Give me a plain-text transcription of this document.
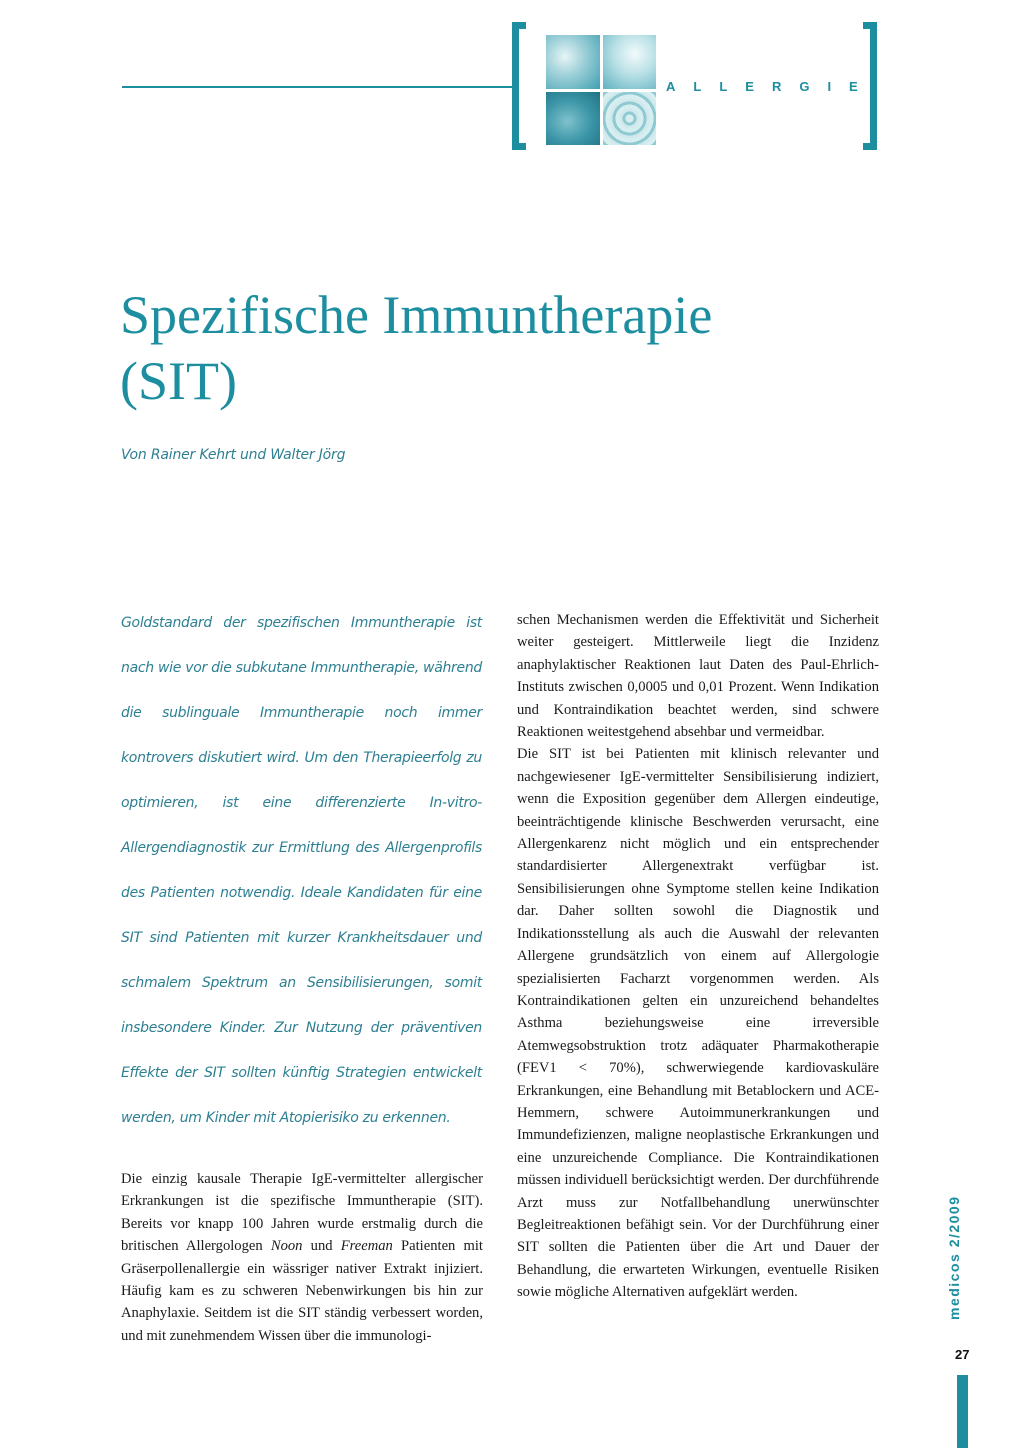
ALLERGIE
Spezifische Immuntherapie
(SIT)
Von Rainer Kehrt und Walter Jörg

Goldstandard der spezifischen Immuntherapie ist nach wie vor die subkutane Immuntherapie, während die sublinguale Immuntherapie noch immer kontrovers diskutiert wird. Um den Therapieerfolg zu optimieren, ist eine differenzierte In-vitro-Allergendiagnostik zur Ermittlung des Allergenprofils des Patienten notwendig. Ideale Kandidaten für eine SIT sind Patienten mit kurzer Krankheitsdauer und schmalem Spektrum an Sensibilisierungen, somit insbesondere Kinder. Zur Nutzung der präventiven Effekte der SIT sollten künftig Strategien entwickelt werden, um Kinder mit Atopierisiko zu erkennen.

Die einzig kausale Therapie IgE-vermittelter allergischer Erkrankungen ist die spezifische Immuntherapie (SIT). Bereits vor knapp 100 Jahren wurde erstmalig durch die britischen Allergologen Noon und Freeman Patienten mit Gräserpollenallergie ein wässriger nativer Extrakt injiziert. Häufig kam es zu schweren Nebenwirkungen bis hin zur Anaphylaxie. Seitdem ist die SIT ständig verbessert worden, und mit zunehmendem Wissen über die immunologi-

schen Mechanismen werden die Effektivität und Sicherheit weiter gesteigert. Mittlerweile liegt die Inzidenz anaphylaktischer Reaktionen laut Daten des Paul-Ehrlich-Instituts zwischen 0,0005 und 0,01 Prozent. Wenn Indikation und Kontraindikation beachtet werden, sind schwere Reaktionen weitestgehend absehbar und vermeidbar.

Die SIT ist bei Patienten mit klinisch relevanter und nachgewiesener IgE-vermittelter Sensibilisierung indiziert, wenn die Exposition gegenüber dem Allergen eindeutige, beeinträchtigende klinische Beschwerden verursacht, eine Allergenkarenz nicht möglich und ein entsprechender standardisierter Allergenextrakt verfügbar ist. Sensibilisierungen ohne Symptome stellen keine Indikation dar. Daher sollten sowohl die Diagnostik und Indikationsstellung als auch die Auswahl der relevanten Allergene grundsätzlich von einem auf Allergologie spezialisierten Facharzt vorgenommen werden. Als Kontraindikationen gelten ein unzureichend behandeltes Asthma beziehungsweise eine irreversible Atemwegsobstruktion trotz adäquater Pharmakotherapie (FEV1 < 70%), schwerwiegende kardiovaskuläre Erkrankungen, eine Behandlung mit Betablockern und ACE-Hemmern, schwere Autoimmunerkrankungen und Immundefizienzen, maligne neoplastische Erkrankungen und eine unzureichende Compliance. Die Kontraindikationen müssen individuell berücksichtigt werden. Der durchführende Arzt muss zur Notfallbehandlung unerwünschter Begleitreaktionen befähigt sein. Vor der Durchführung einer SIT sollten die Patienten über die Art und Dauer der Behandlung, die erwarteten Wirkungen, eventuelle Risiken sowie mögliche Alternativen aufgeklärt werden.	medicos 2/2009
27
